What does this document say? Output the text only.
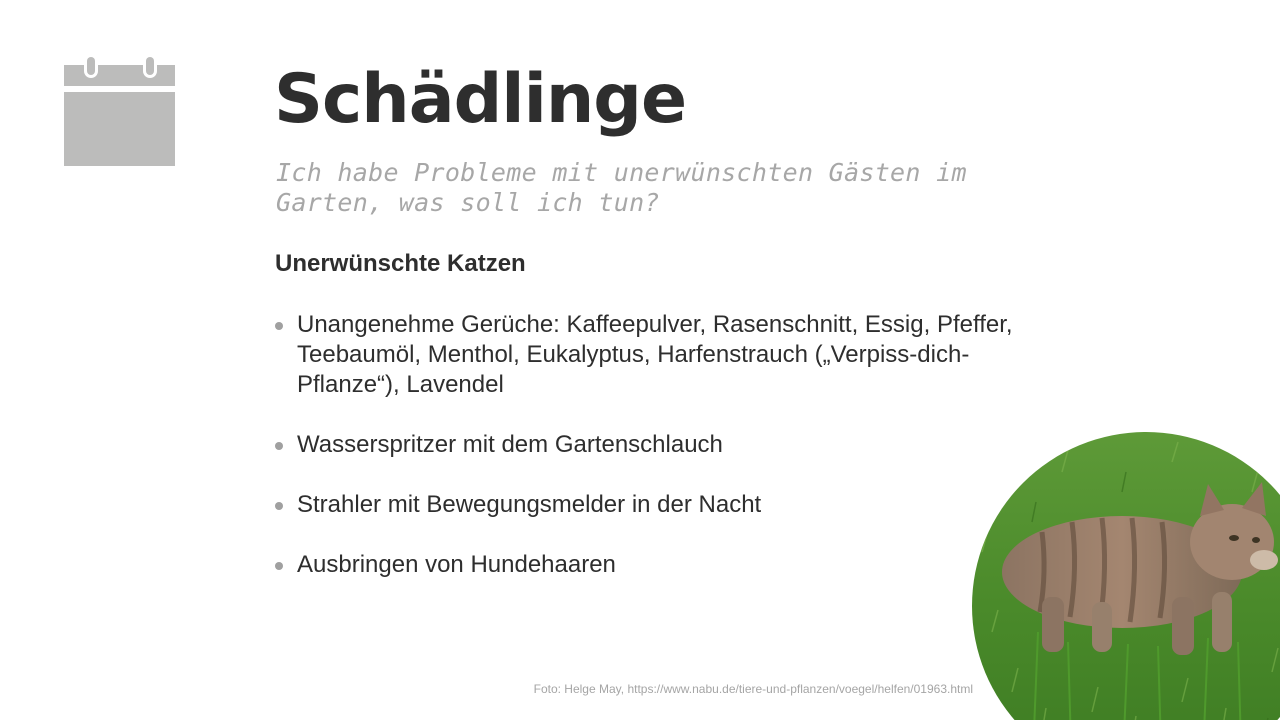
Schädlinge

Ich habe Probleme mit unerwünschten Gästen im Garten, was soll ich tun?

Unerwünschte Katzen
Unangenehme Gerüche: Kaffeepulver, Rasenschnitt, Essig, Pfeffer, Teebaumöl, Menthol, Eukalyptus, Harfenstrauch („Verpiss-dich-Pflanze“), Lavendel
Wasserspritzer mit dem Gartenschlauch
Strahler mit Bewegungsmelder in der Nacht
Ausbringen von Hundehaaren

Foto: Helge May, https://www.nabu.de/tiere-und-pflanzen/voegel/helfen/01963.html
